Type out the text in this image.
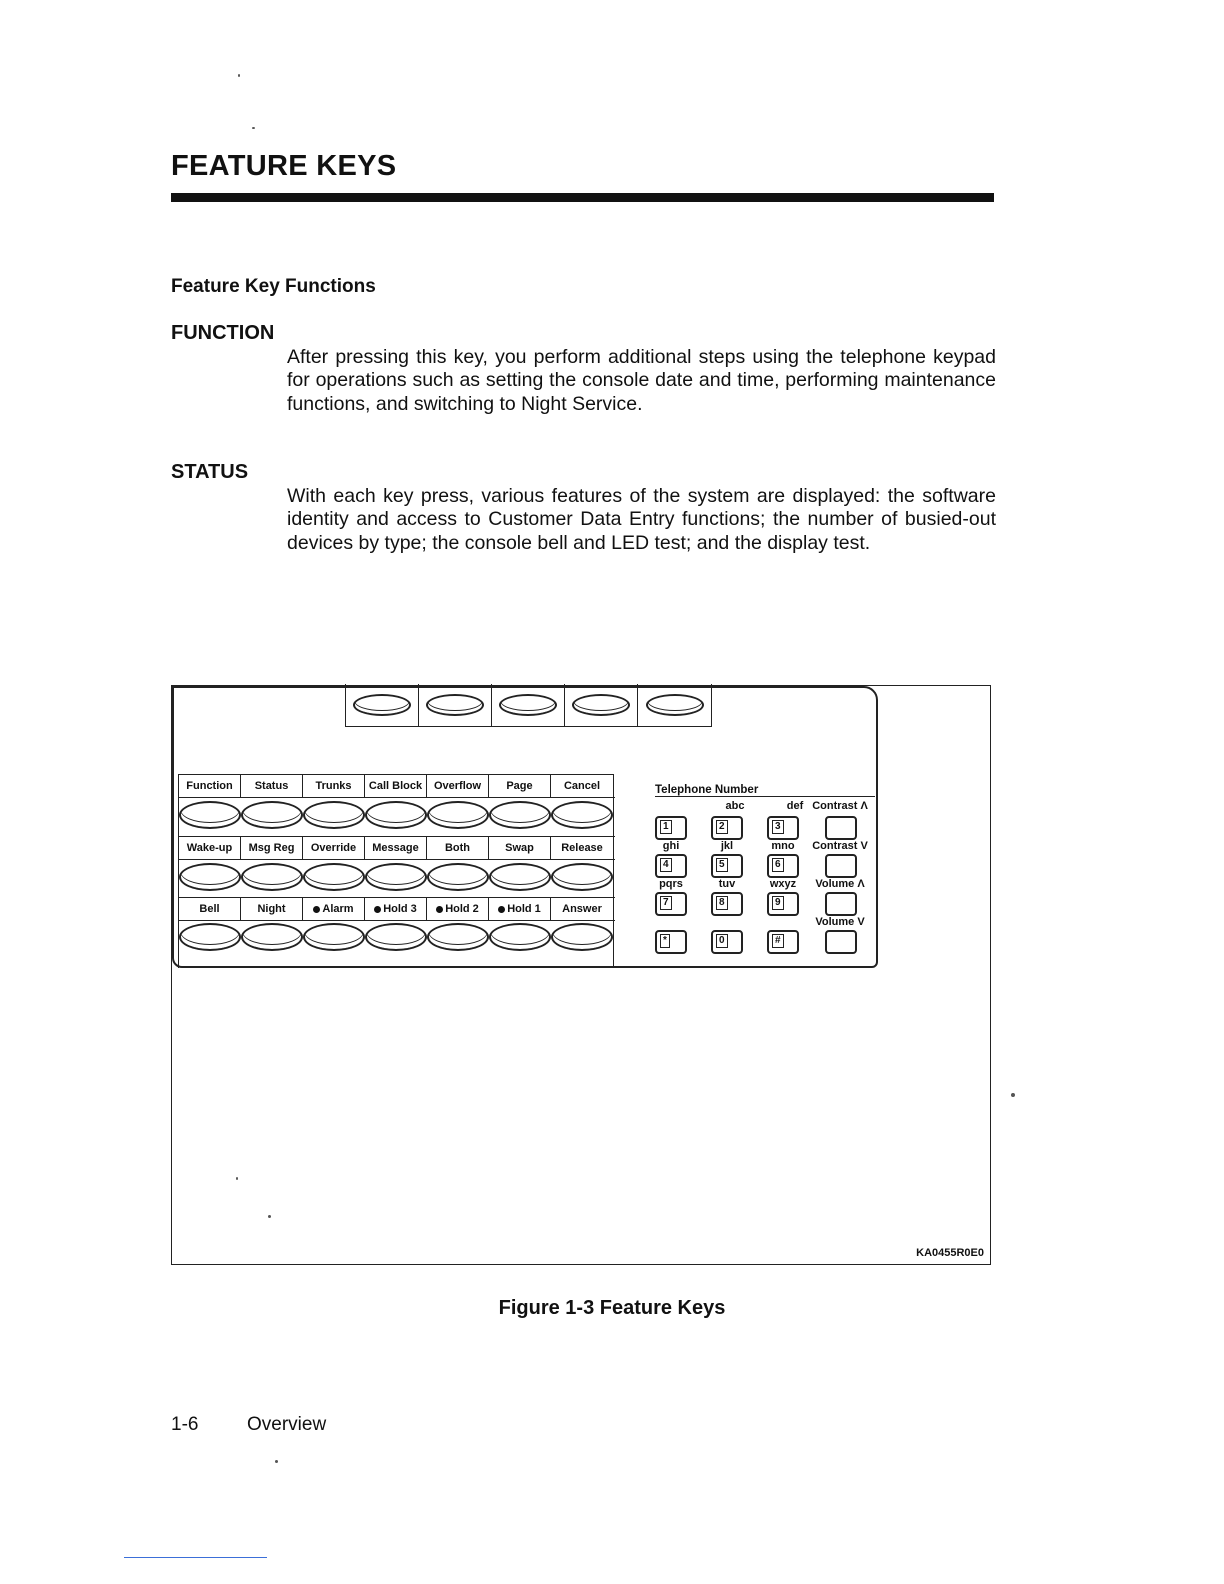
FEATURE KEYS
Feature Key Functions
FUNCTION
After pressing this key, you perform additional steps using the telephone keypad for operations such as setting the console date and time, performing maintenance functions, and switching to Night Service.
STATUS
With each key press, various features of the system are displayed: the software identity and access to Customer Data Entry functions; the number of busied-out devices by type; the console bell and LED test; and the display test.
Function	Status	Trunks	Call Block	Overflow	Page	Cancel
Wake-up	Msg Reg	Override	Message	Both	Swap	Release
Bell	Night	Alarm	Hold 3	Hold 2	Hold 1	Answer
Telephone Number
abc	def Contrast Λ
1	2	3
ghi	jkl	mno	Contrast V
4	5	6
pqrs	tuv	wxyz	Volume Λ
7	8	9
Volume V
*	0	#
KA0455R0E0
Figure 1-3 Feature Keys
1-6	Overview
